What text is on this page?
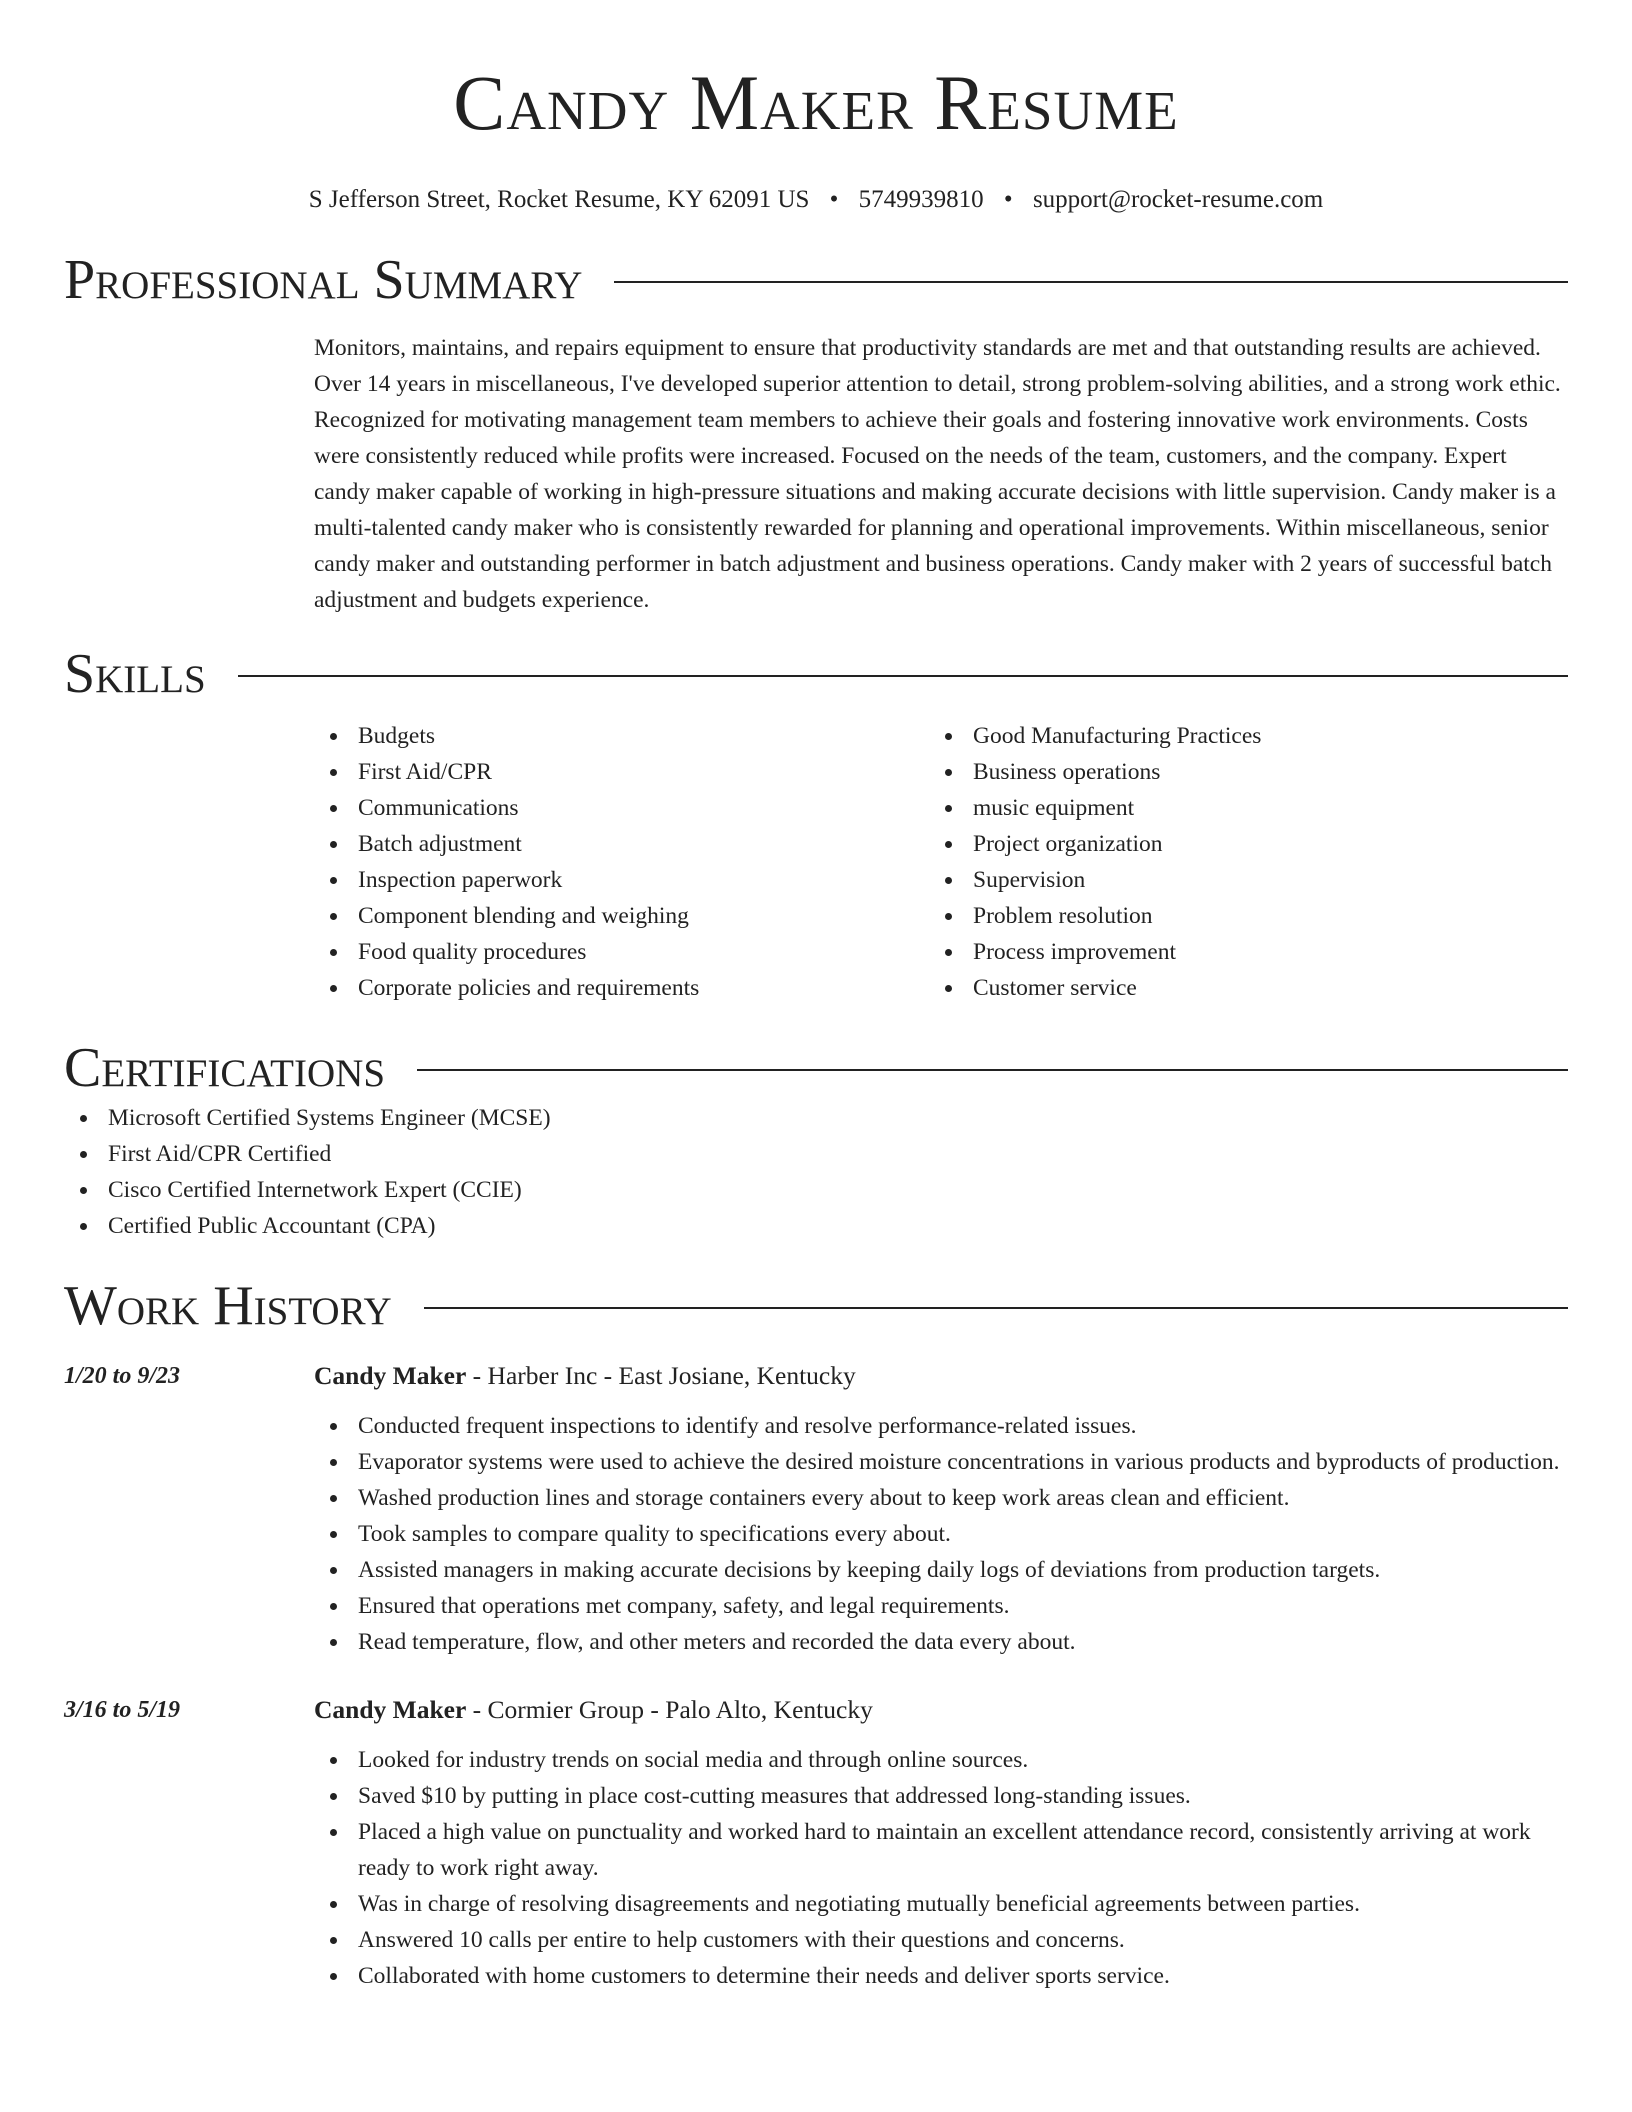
Candy Maker Resume
S Jefferson Street, Rocket Resume, KY 62091 US • 5749939810 • support@rocket-resume.com
Professional Summary
Monitors, maintains, and repairs equipment to ensure that productivity standards are met and that outstanding results are achieved. Over 14 years in miscellaneous, I've developed superior attention to detail, strong problem-solving abilities, and a strong work ethic. Recognized for motivating management team members to achieve their goals and fostering innovative work environments. Costs were consistently reduced while profits were increased. Focused on the needs of the team, customers, and the company. Expert candy maker capable of working in high-pressure situations and making accurate decisions with little supervision. Candy maker is a multi-talented candy maker who is consistently rewarded for planning and operational improvements. Within miscellaneous, senior candy maker and outstanding performer in batch adjustment and business operations. Candy maker with 2 years of successful batch adjustment and budgets experience.
Skills
Budgets
First Aid/CPR
Communications
Batch adjustment
Inspection paperwork
Component blending and weighing
Food quality procedures
Corporate policies and requirements
Good Manufacturing Practices
Business operations
music equipment
Project organization
Supervision
Problem resolution
Process improvement
Customer service
Certifications
Microsoft Certified Systems Engineer (MCSE)
First Aid/CPR Certified
Cisco Certified Internetwork Expert (CCIE)
Certified Public Accountant (CPA)
Work History
1/20 to 9/23	Candy Maker - Harber Inc - East Josiane, Kentucky
Conducted frequent inspections to identify and resolve performance-related issues.
Evaporator systems were used to achieve the desired moisture concentrations in various products and byproducts of production.
Washed production lines and storage containers every about to keep work areas clean and efficient.
Took samples to compare quality to specifications every about.
Assisted managers in making accurate decisions by keeping daily logs of deviations from production targets.
Ensured that operations met company, safety, and legal requirements.
Read temperature, flow, and other meters and recorded the data every about.
3/16 to 5/19	Candy Maker - Cormier Group - Palo Alto, Kentucky
Looked for industry trends on social media and through online sources.
Saved $10 by putting in place cost-cutting measures that addressed long-standing issues.
Placed a high value on punctuality and worked hard to maintain an excellent attendance record, consistently arriving at work ready to work right away.
Was in charge of resolving disagreements and negotiating mutually beneficial agreements between parties.
Answered 10 calls per entire to help customers with their questions and concerns.
Collaborated with home customers to determine their needs and deliver sports service.
